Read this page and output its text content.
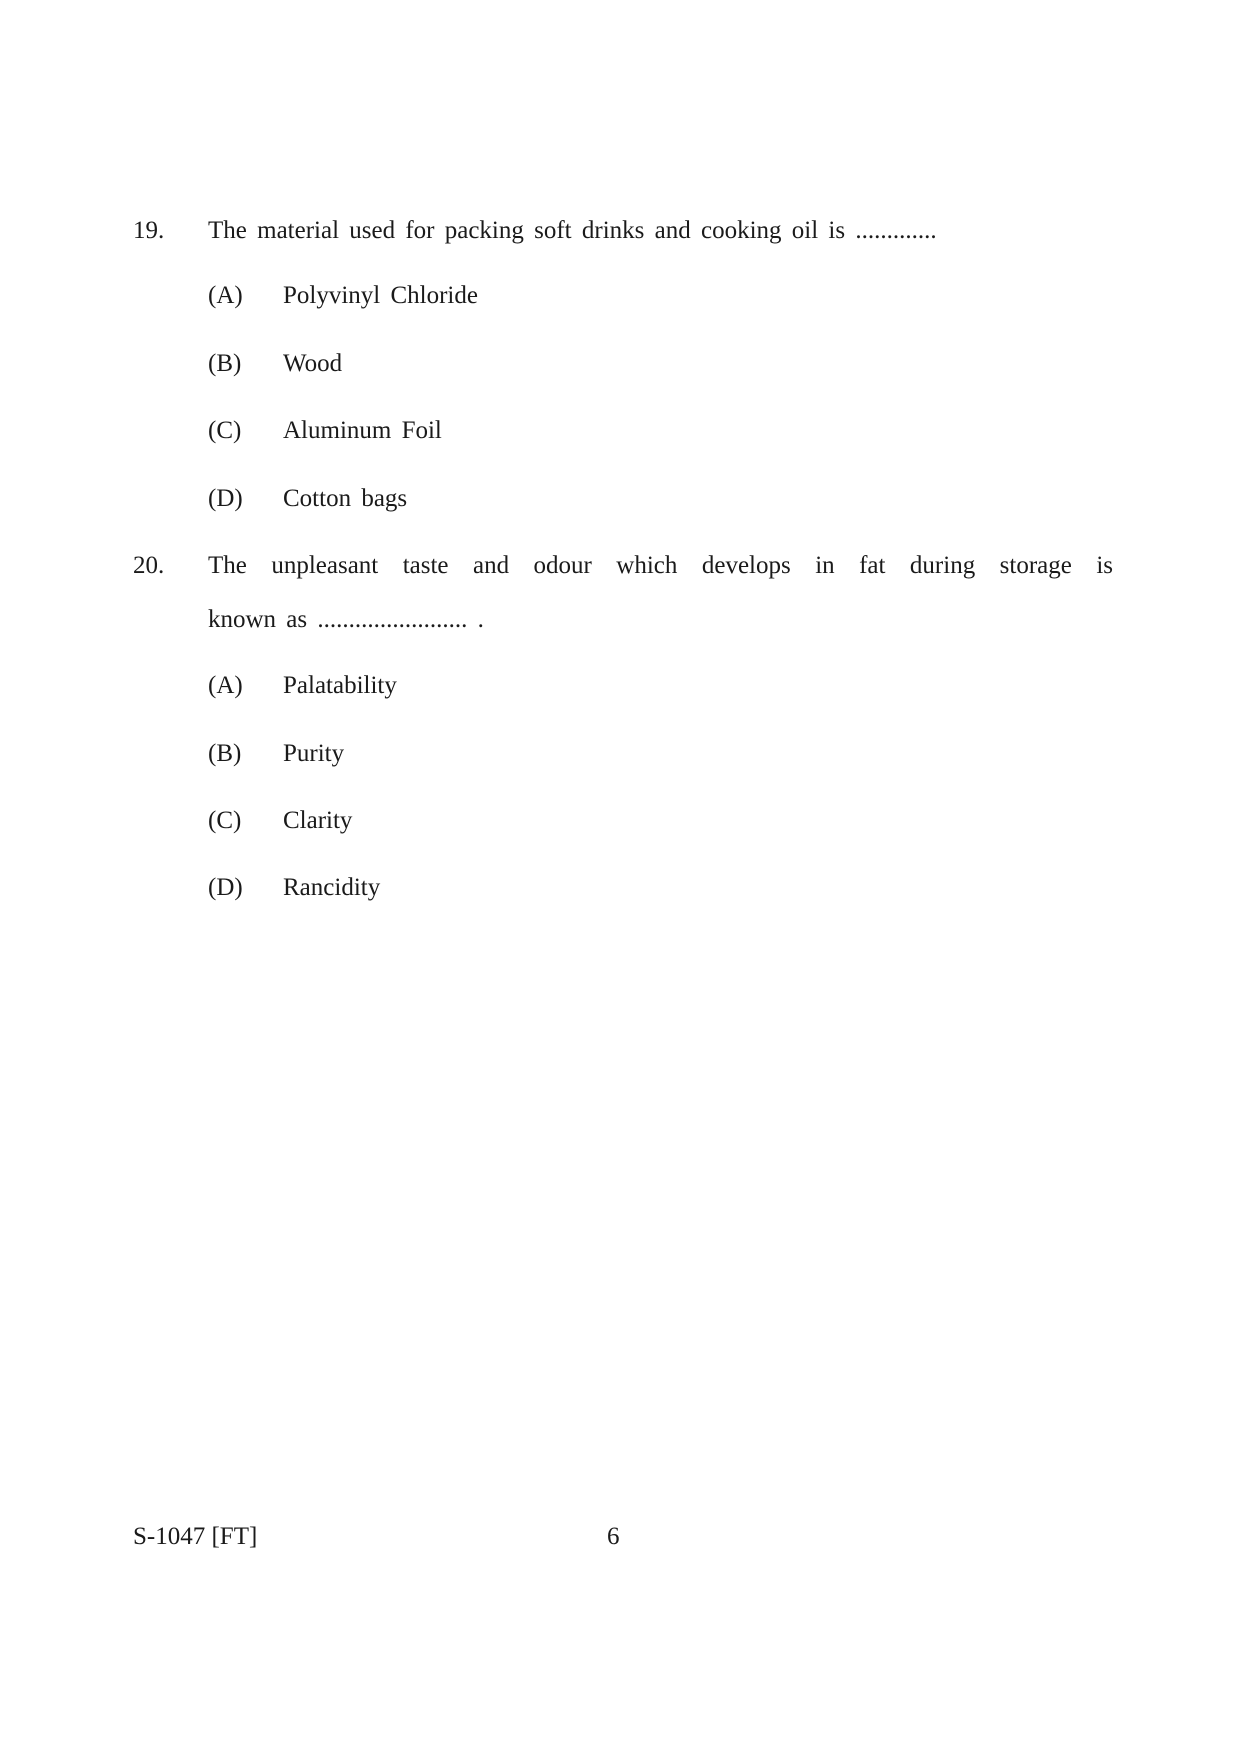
19. The material used for packing soft drinks and cooking oil is .............
(A) Polyvinyl Chloride
(B) Wood
(C) Aluminum Foil
(D) Cotton bags
20. The unpleasant taste and odour which develops in fat during storage is
known as ........................ .
(A) Palatability
(B) Purity
(C) Clarity
(D) Rancidity
S-1047 [FT]	6
